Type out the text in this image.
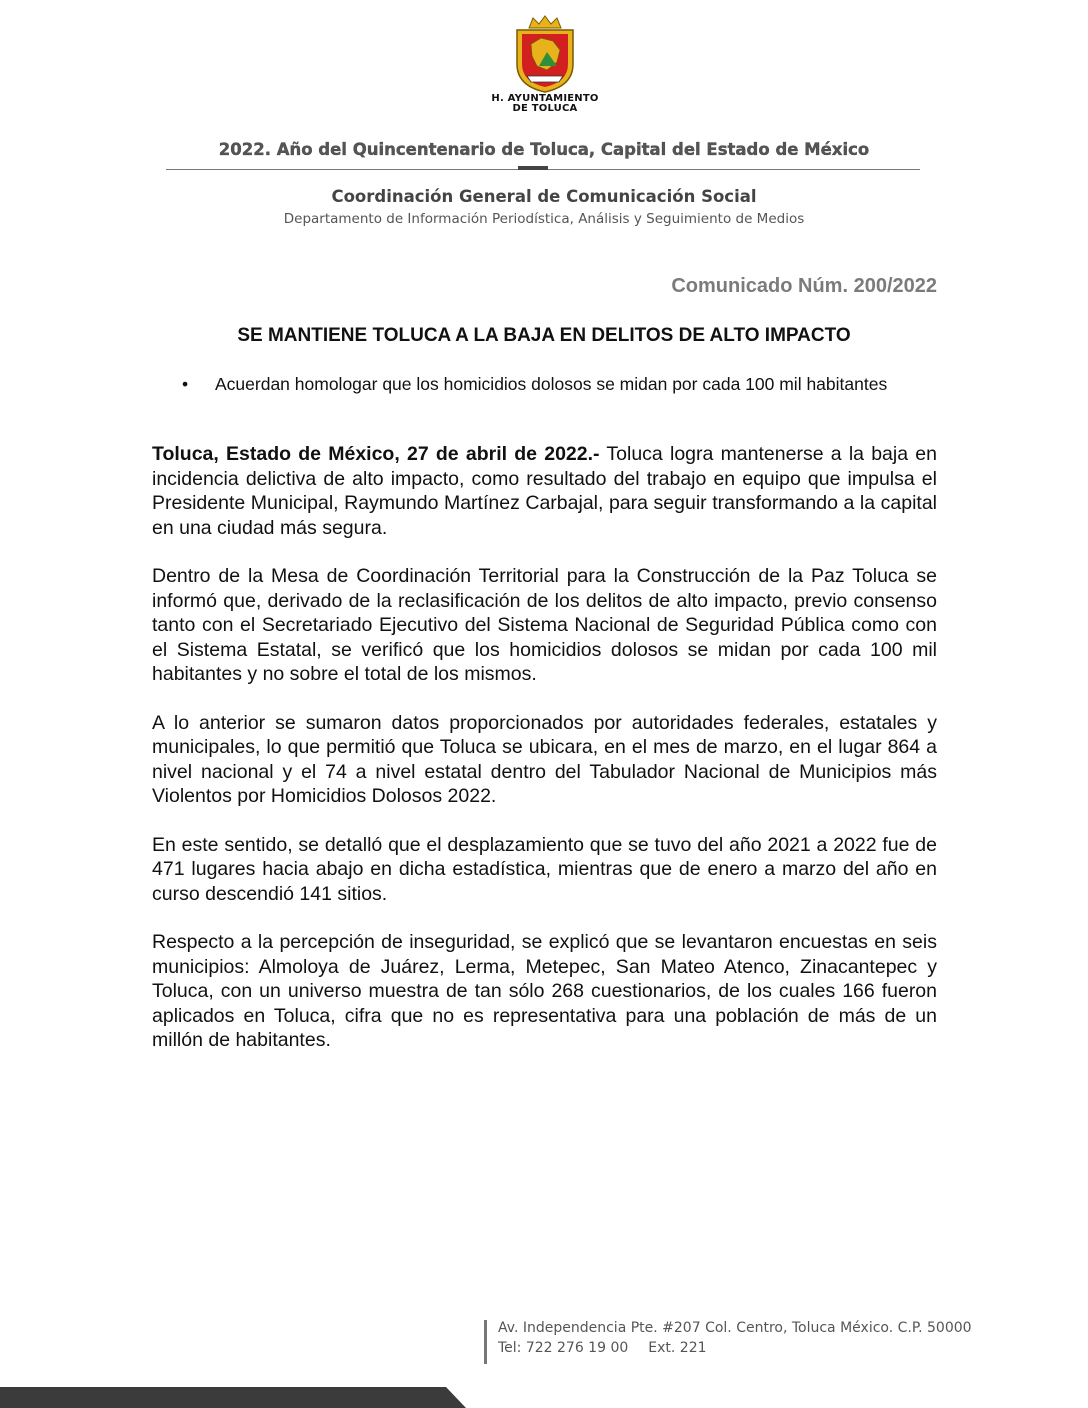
H. AYUNTAMIENTO
DE TOLUCA
2022. Año del Quincentenario de Toluca, Capital del Estado de México
Coordinación General de Comunicación Social
Departamento de Información Periodística, Análisis y Seguimiento de Medios
Comunicado Núm. 200/2022
SE MANTIENE TOLUCA A LA BAJA EN DELITOS DE ALTO IMPACTO
• Acuerdan homologar que los homicidios dolosos se midan por cada 100 mil habitantes

Toluca, Estado de México, 27 de abril de 2022.- Toluca logra mantenerse a la baja en incidencia delictiva de alto impacto, como resultado del trabajo en equipo que impulsa el Presidente Municipal, Raymundo Martínez Carbajal, para seguir transformando a la capital en una ciudad más segura.

Dentro de la Mesa de Coordinación Territorial para la Construcción de la Paz Toluca se informó que, derivado de la reclasificación de los delitos de alto impacto, previo consenso tanto con el Secretariado Ejecutivo del Sistema Nacional de Seguridad Pública como con el Sistema Estatal, se verificó que los homicidios dolosos se midan por cada 100 mil habitantes y no sobre el total de los mismos.

A lo anterior se sumaron datos proporcionados por autoridades federales, estatales y municipales, lo que permitió que Toluca se ubicara, en el mes de marzo, en el lugar 864 a nivel nacional y el 74 a nivel estatal dentro del Tabulador Nacional de Municipios más Violentos por Homicidios Dolosos 2022.

En este sentido, se detalló que el desplazamiento que se tuvo del año 2021 a 2022 fue de 471 lugares hacia abajo en dicha estadística, mientras que de enero a marzo del año en curso descendió 141 sitios.

Respecto a la percepción de inseguridad, se explicó que se levantaron encuestas en seis municipios: Almoloya de Juárez, Lerma, Metepec, San Mateo Atenco, Zinacantepec y Toluca, con un universo muestra de tan sólo 268 cuestionarios, de los cuales 166 fueron aplicados en Toluca, cifra que no es representativa para una población de más de un millón de habitantes.

Av. Independencia Pte. #207 Col. Centro, Toluca México. C.P. 50000
Tel: 722 276 19 00 Ext. 221
